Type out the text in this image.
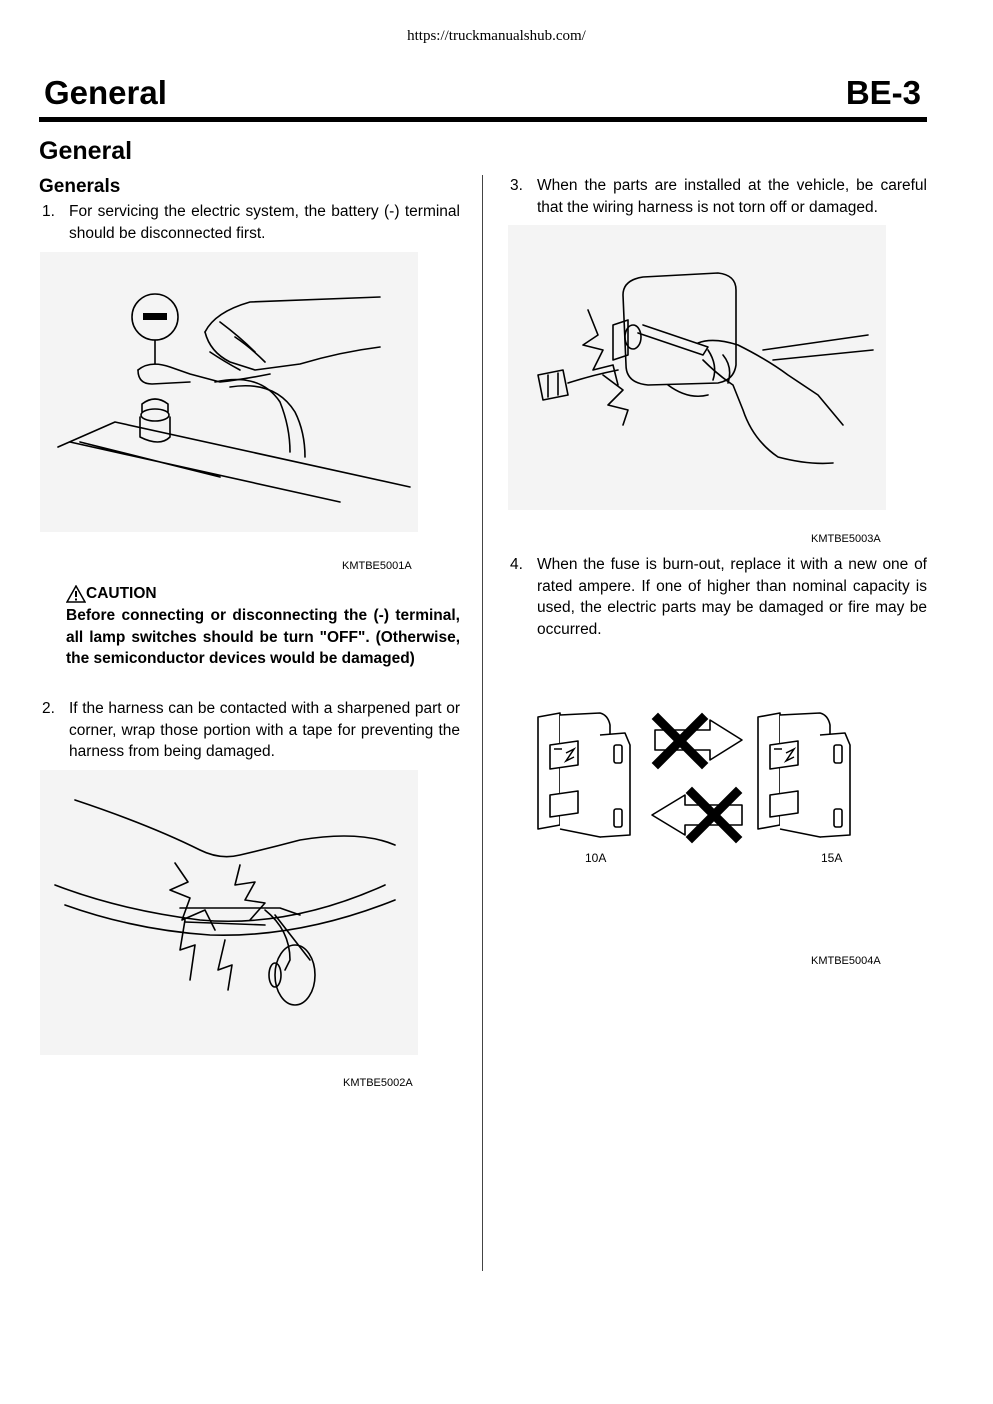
https://truckmanualshub.com/
General	BE-3
General
Generals
1. For servicing the electric system, the battery (-) terminal should be disconnected first.
KMTBE5001A
CAUTION
Before connecting or disconnecting the (-) terminal, all lamp switches should be turn "OFF". (Otherwise, the semiconductor devices would be damaged)
2. If the harness can be contacted with a sharpened part or corner, wrap those portion with a tape for preventing the harness from being damaged.
KMTBE5002A
3. When the parts are installed at the vehicle, be careful that the wiring harness is not torn off or damaged.
KMTBE5003A
4. When the fuse is burn-out, replace it with a new one of rated ampere. If one of higher than nominal capacity is used, the electric parts may be damaged or fire may be occurred.
10A	15A
KMTBE5004A
